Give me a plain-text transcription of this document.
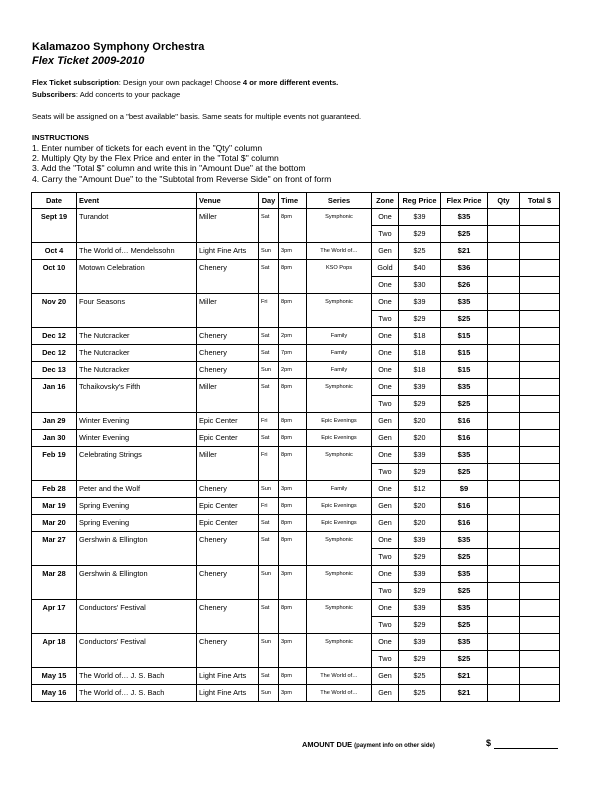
Kalamazoo Symphony Orchestra
Flex Ticket 2009-2010
Flex Ticket subscription: Design your own package! Choose 4 or more different events.
Subscribers: Add concerts to your package
Seats will be assigned on a "best available" basis. Same seats for multiple events not guaranteed.
INSTRUCTIONS
1. Enter number of tickets for each event in the "Qty" column
2. Multiply Qty by the Flex Price and enter in the "Total $" column
3. Add the "Total $" column and write this in "Amount Due" at the bottom
4. Carry the "Amount Due" to the "Subtotal from Reverse Side" on front of form
Date	Event	Venue	Day	Time	Series	Zone	Reg Price	Flex Price	Qty	Total $
Sept 19	Turandot	Miller	Sat	8pm	Symphonic	One	$39	$35		
						Two	$29	$25		
Oct 4	The World of… Mendelssohn	Light Fine Arts	Sun	3pm	The World of…	Gen	$25	$21		
Oct 10	Motown Celebration	Chenery	Sat	8pm	KSO Pops	Gold	$40	$36		
						One	$30	$26		
Nov 20	Four Seasons	Miller	Fri	8pm	Symphonic	One	$39	$35		
						Two	$29	$25		
Dec 12	The Nutcracker	Chenery	Sat	2pm	Family	One	$18	$15		
Dec 12	The Nutcracker	Chenery	Sat	7pm	Family	One	$18	$15		
Dec 13	The Nutcracker	Chenery	Sun	2pm	Family	One	$18	$15		
Jan 16	Tchaikovsky's Fifth	Miller	Sat	8pm	Symphonic	One	$39	$35		
						Two	$29	$25		
Jan 29	Winter Evening	Epic Center	Fri	8pm	Epic Evenings	Gen	$20	$16		
Jan 30	Winter Evening	Epic Center	Sat	8pm	Epic Evenings	Gen	$20	$16		
Feb 19	Celebrating Strings	Miller	Fri	8pm	Symphonic	One	$39	$35		
						Two	$29	$25		
Feb 28	Peter and the Wolf	Chenery	Sun	3pm	Family	One	$12	$9		
Mar 19	Spring Evening	Epic Center	Fri	8pm	Epic Evenings	Gen	$20	$16		
Mar 20	Spring Evening	Epic Center	Sat	8pm	Epic Evenings	Gen	$20	$16		
Mar 27	Gershwin & Ellington	Chenery	Sat	8pm	Symphonic	One	$39	$35		
						Two	$29	$25		
Mar 28	Gershwin & Ellington	Chenery	Sun	3pm	Symphonic	One	$39	$35		
						Two	$29	$25		
Apr 17	Conductors' Festival	Chenery	Sat	8pm	Symphonic	One	$39	$35		
						Two	$29	$25		
Apr 18	Conductors' Festival	Chenery	Sun	3pm	Symphonic	One	$39	$35		
						Two	$29	$25		
May 15	The World of… J. S. Bach	Light Fine Arts	Sat	8pm	The World of…	Gen	$25	$21		
May 16	The World of… J. S. Bach	Light Fine Arts	Sun	3pm	The World of…	Gen	$25	$21		
AMOUNT DUE (payment info on other side)	$
